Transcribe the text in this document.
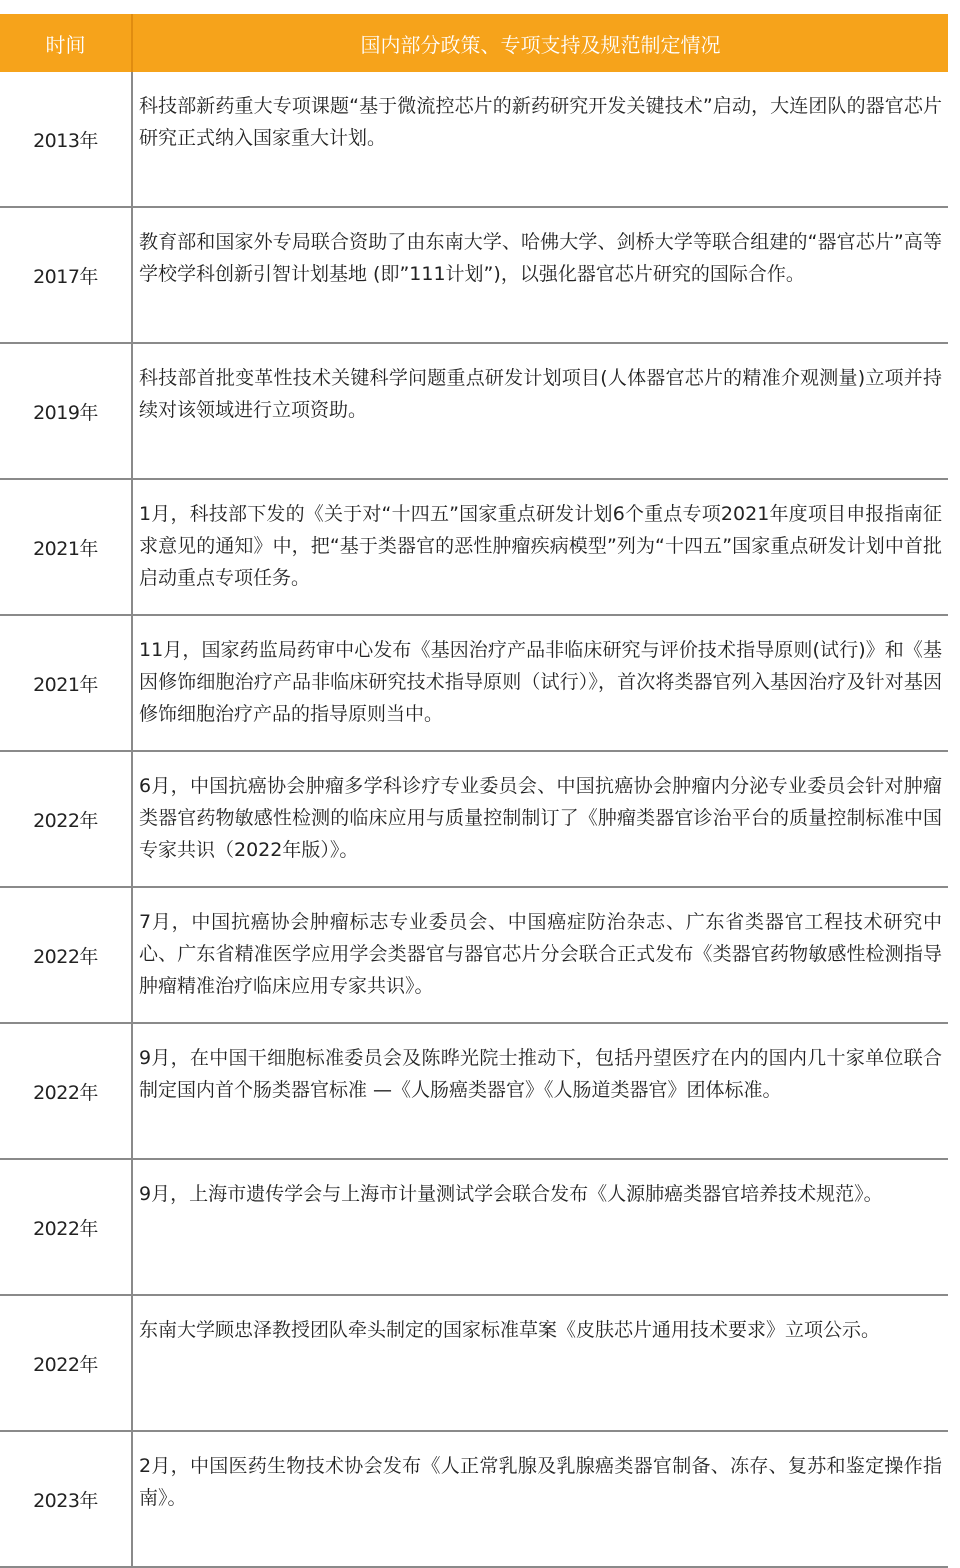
时间	国内部分政策、专项支持及规范制定情况
2013年	科技部新药重大专项课题“基于微流控芯片的新药研究开发关键技术”启动，大连团队的器官芯片研究正式纳入国家重大计划。
2017年	教育部和国家外专局联合资助了由东南大学、哈佛大学、剑桥大学等联合组建的“器官芯片”高等学校学科创新引智计划基地 (即”111计划”)，以强化器官芯片研究的国际合作。
2019年	科技部首批变革性技术关键科学问题重点研发计划项目(人体器官芯片的精准介观测量)立项并持续对该领域进行立项资助。
2021年	1月，科技部下发的《关于对“十四五”国家重点研发计划6个重点专项2021年度项目申报指南征求意见的通知》中，把“基于类器官的恶性肿瘤疾病模型”列为“十四五”国家重点研发计划中首批启动重点专项任务。
2021年	11月，国家药监局药审中心发布《基因治疗产品非临床研究与评价技术指导原则(试行)》和《基因修饰细胞治疗产品非临床研究技术指导原则（试行）》，首次将类器官列入基因治疗及针对基因修饰细胞治疗产品的指导原则当中。
2022年	6月，中国抗癌协会肿瘤多学科诊疗专业委员会、中国抗癌协会肿瘤内分泌专业委员会针对肿瘤类器官药物敏感性检测的临床应用与质量控制制订了《肿瘤类器官诊治平台的质量控制标准中国专家共识（2022年版）》。
2022年	7月，中国抗癌协会肿瘤标志专业委员会、中国癌症防治杂志、广东省类器官工程技术研究中心、广东省精准医学应用学会类器官与器官芯片分会联合正式发布《类器官药物敏感性检测指导肿瘤精准治疗临床应用专家共识》。
2022年	9月，在中国干细胞标准委员会及陈晔光院士推动下，包括丹望医疗在内的国内几十家单位联合制定国内首个肠类器官标准 —《人肠癌类器官》《人肠道类器官》团体标准。
2022年	9月，上海市遗传学会与上海市计量测试学会联合发布《人源肺癌类器官培养技术规范》。
2022年	东南大学顾忠泽教授团队牵头制定的国家标准草案《皮肤芯片通用技术要求》立项公示。
2023年	2月，中国医药生物技术协会发布《人正常乳腺及乳腺癌类器官制备、冻存、复苏和鉴定操作指南》。
